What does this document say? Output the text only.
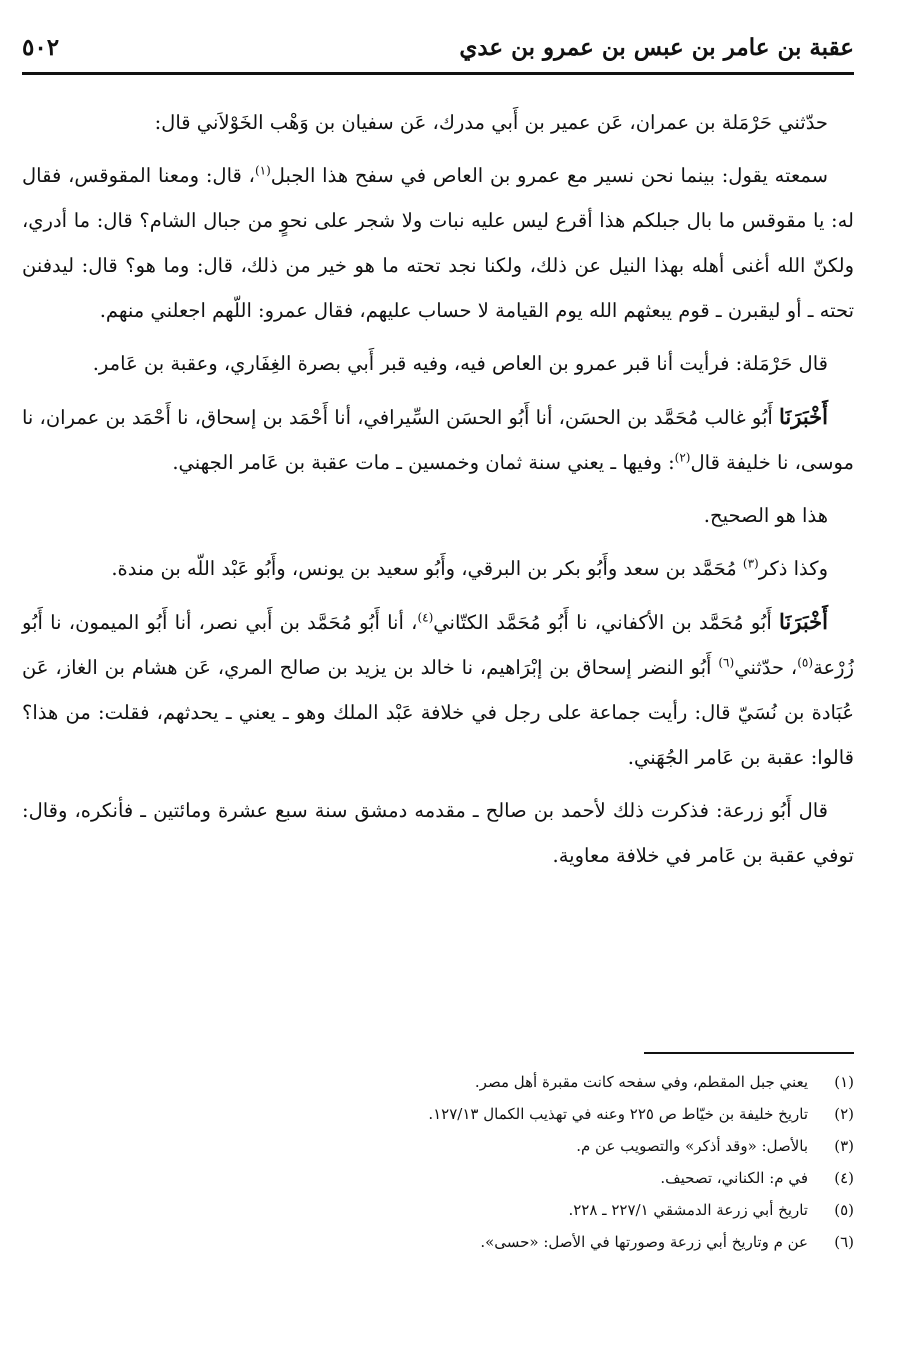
عقبة بن عامر بن عبس بن عمرو بن عدي
٥٠٢

حدّثني حَرْمَلة بن عمران، عَن عمير بن أَبي مدرك، عَن سفيان بن وَهْب الخَوْلاَني قال:

سمعته يقول: بينما نحن نسير مع عمرو بن العاص في سفح هذا الجبل$^{(١)}$، قال: ومعنا المقوقس، فقال له: يا مقوقس ما بال جبلكم هذا أقرع ليس عليه نبات ولا شجر على نحوٍ من جبال الشام؟ قال: ما أدري، ولكنّ الله أغنى أهله بهذا النيل عن ذلك، ولكنا نجد تحته ما هو خير من ذلك، قال: وما هو؟ قال: ليدفنن تحته ـ أو ليقبرن ـ قوم يبعثهم الله يوم القيامة لا حساب عليهم، فقال عمرو: اللّهم اجعلني منهم.

قال حَرْمَلة: فرأيت أنا قبر عمرو بن العاص فيه، وفيه قبر أَبي بصرة الغِفَاري، وعقبة بن عَامر.

أَخْبَرَنَا أَبُو غالب مُحَمَّد بن الحسَن، أنا أَبُو الحسَن السِّيرافي، أنا أَحْمَد بن إسحاق، نا أَحْمَد بن عمران، نا موسى، نا خليفة قال$^{(٢)}$: وفيها ـ يعني سنة ثمان وخمسين ـ مات عقبة بن عَامر الجهني.

هذا هو الصحيح.

وكذا ذكر$^{(٣)}$ مُحَمَّد بن سعد وأَبُو بكر بن البرقي، وأَبُو سعيد بن يونس، وأَبُو عَبْد اللّه بن مندة.

أَخْبَرَنَا أَبُو مُحَمَّد بن الأكفاني، نا أَبُو مُحَمَّد الكتّاني$^{(٤)}$، أنا أَبُو مُحَمَّد بن أَبي نصر، أنا أَبُو الميمون، نا أَبُو زُرْعة$^{(٥)}$، حدّثني$^{(٦)}$ أَبُو النضر إسحاق بن إبْرَاهيم، نا خالد بن يزيد بن صالح المري، عَن هشام بن الغاز، عَن عُبَادة بن نُسَيّ قال: رأيت جماعة على رجل في خلافة عَبْد الملك وهو ـ يعني ـ يحدثهم، فقلت: من هذا؟ قالوا: عقبة بن عَامر الجُهَني.

قال أَبُو زرعة: فذكرت ذلك لأحمد بن صالح ـ مقدمه دمشق سنة سبع عشرة ومائتين ـ فأنكره، وقال: توفي عقبة بن عَامر في خلافة معاوية.

(١)
يعني جبل المقطم، وفي سفحه كانت مقبرة أهل مصر.
(٢)
تاريخ خليفة بن خيّاط ص ٢٢٥ وعنه في تهذيب الكمال ١٢٧/١٣.
(٣)
بالأصل: «وقد أذكر» والتصويب عن م.
(٤)
في م: الكناني، تصحيف.
(٥)
تاريخ أبي زرعة الدمشقي ٢٢٧/١ ـ ٢٢٨.
(٦)
عن م وتاريخ أبي زرعة وصورتها في الأصل: «حسى».
